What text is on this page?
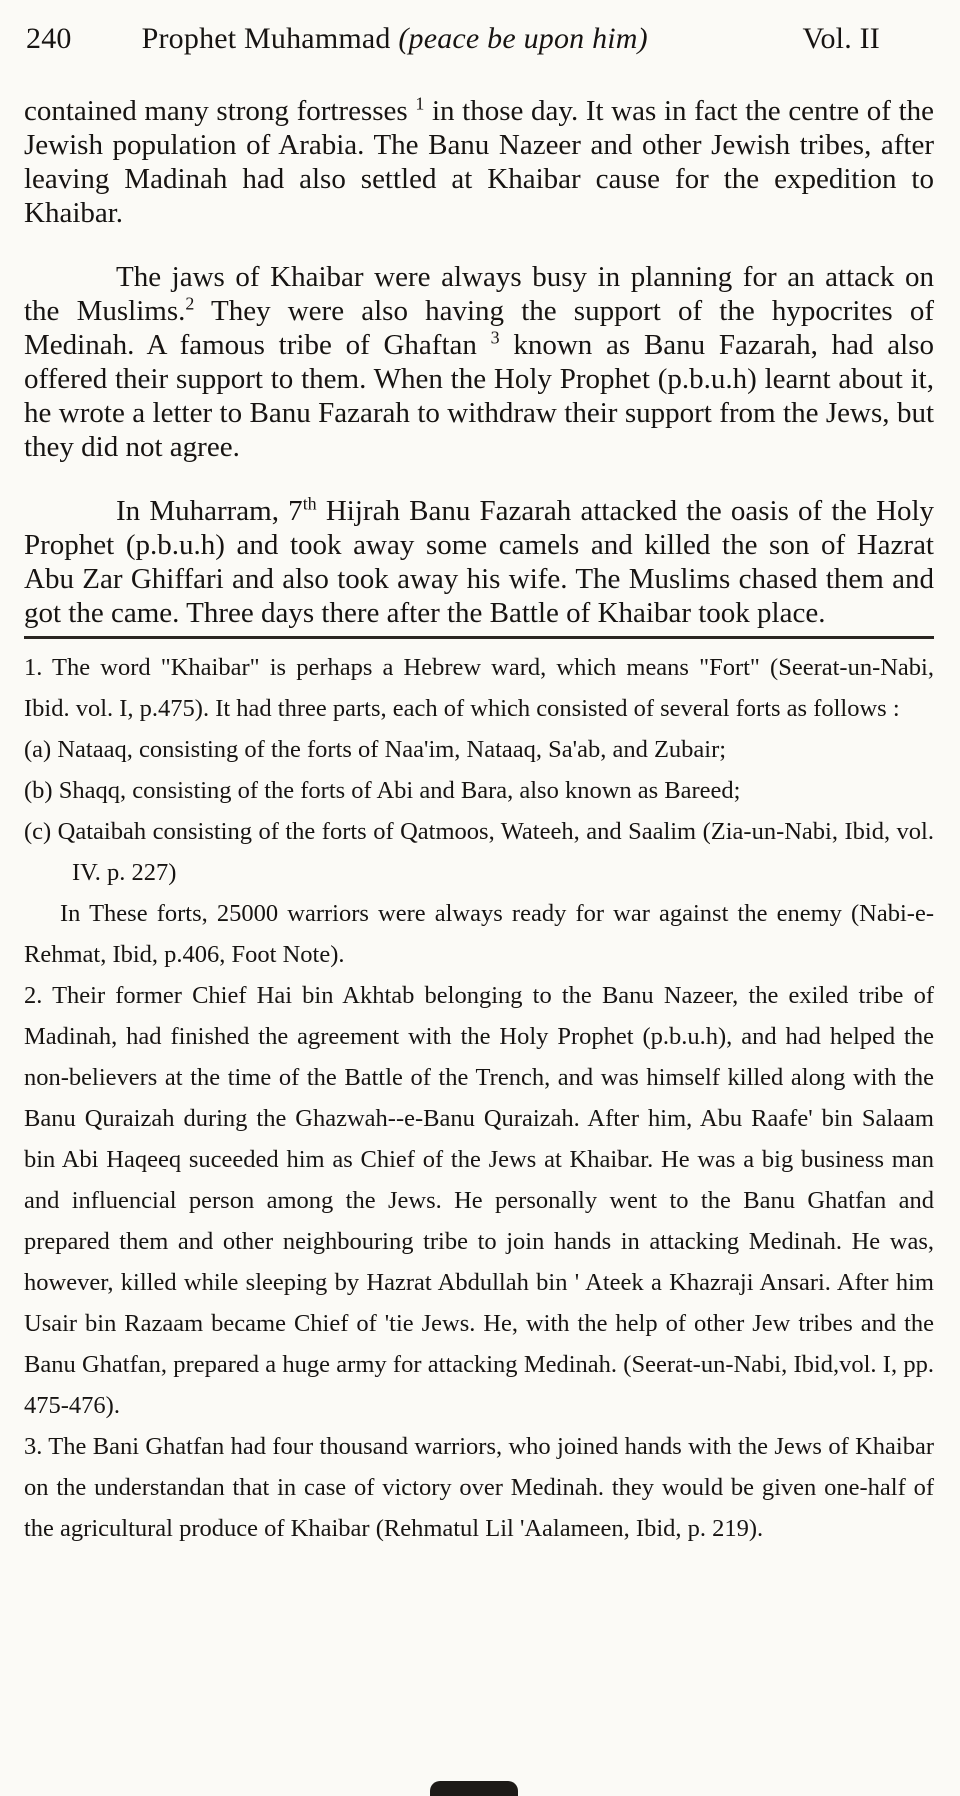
240 Prophet Muhammad (peace be upon him)	Vol. II

contained many strong fortresses $^1$ in those day. It was in fact the centre of the Jewish population of Arabia. The Banu Nazeer and other Jewish tribes, after leaving Madinah had also settled at Khaibar cause for the expedition to Khaibar.

The jaws of Khaibar were always busy in planning for an attack on the Muslims.$^2$ They were also having the support of the hypocrites of Medinah. A famous tribe of Ghaftan $^3$ known as Banu Fazarah, had also offered their support to them. When the Holy Prophet (p.b.u.h) learnt about it, he wrote a letter to Banu Fazarah to withdraw their support from the Jews, but they did not agree.

In Muharram, 7th Hijrah Banu Fazarah attacked the oasis of the Holy Prophet (p.b.u.h) and took away some camels and killed the son of Hazrat Abu Zar Ghiffari and also took away his wife. The Muslims chased them and got the came. Three days there after the Battle of Khaibar took place.

1. The word "Khaibar" is perhaps a Hebrew ward, which means "Fort" (Seerat-un-Nabi, Ibid. vol. I, p.475). It had three parts, each of which consisted of several forts as follows :

(a) Nataaq, consisting of the forts of Naa'im, Nataaq, Sa'ab, and Zubair;

(b) Shaqq, consisting of the forts of Abi and Bara, also known as Bareed;

(c) Qataibah consisting of the forts of Qatmoos, Wateeh, and Saalim (Zia-un-Nabi, Ibid, vol. IV. p. 227)

In These forts, 25000 warriors were always ready for war against the enemy (Nabi-e-Rehmat, Ibid, p.406, Foot Note).

2. Their former Chief Hai bin Akhtab belonging to the Banu Nazeer, the exiled tribe of Madinah, had finished the agreement with the Holy Prophet (p.b.u.h), and had helped the non-believers at the time of the Battle of the Trench, and was himself killed along with the Banu Quraizah during the Ghazwah--e-Banu Quraizah. After him, Abu Raafe' bin Salaam bin Abi Haqeeq suceeded him as Chief of the Jews at Khaibar. He was a big business man and influencial person among the Jews. He personally went to the Banu Ghatfan and prepared them and other neighbouring tribe to join hands in attacking Medinah. He was, however, killed while sleeping by Hazrat Abdullah bin ' Ateek a Khazraji Ansari. After him Usair bin Razaam became Chief of 'tie Jews. He, with the help of other Jew tribes and the Banu Ghatfan, prepared a huge army for attacking Medinah. (Seerat-un-Nabi, Ibid,vol. I, pp. 475-476).

3. The Bani Ghatfan had four thousand warriors, who joined hands with the Jews of Khaibar on the understandan that in case of victory over Medinah. they would be given one-half of the agricultural produce of Khaibar (Rehmatul Lil 'Aalameen, Ibid, p. 219).
